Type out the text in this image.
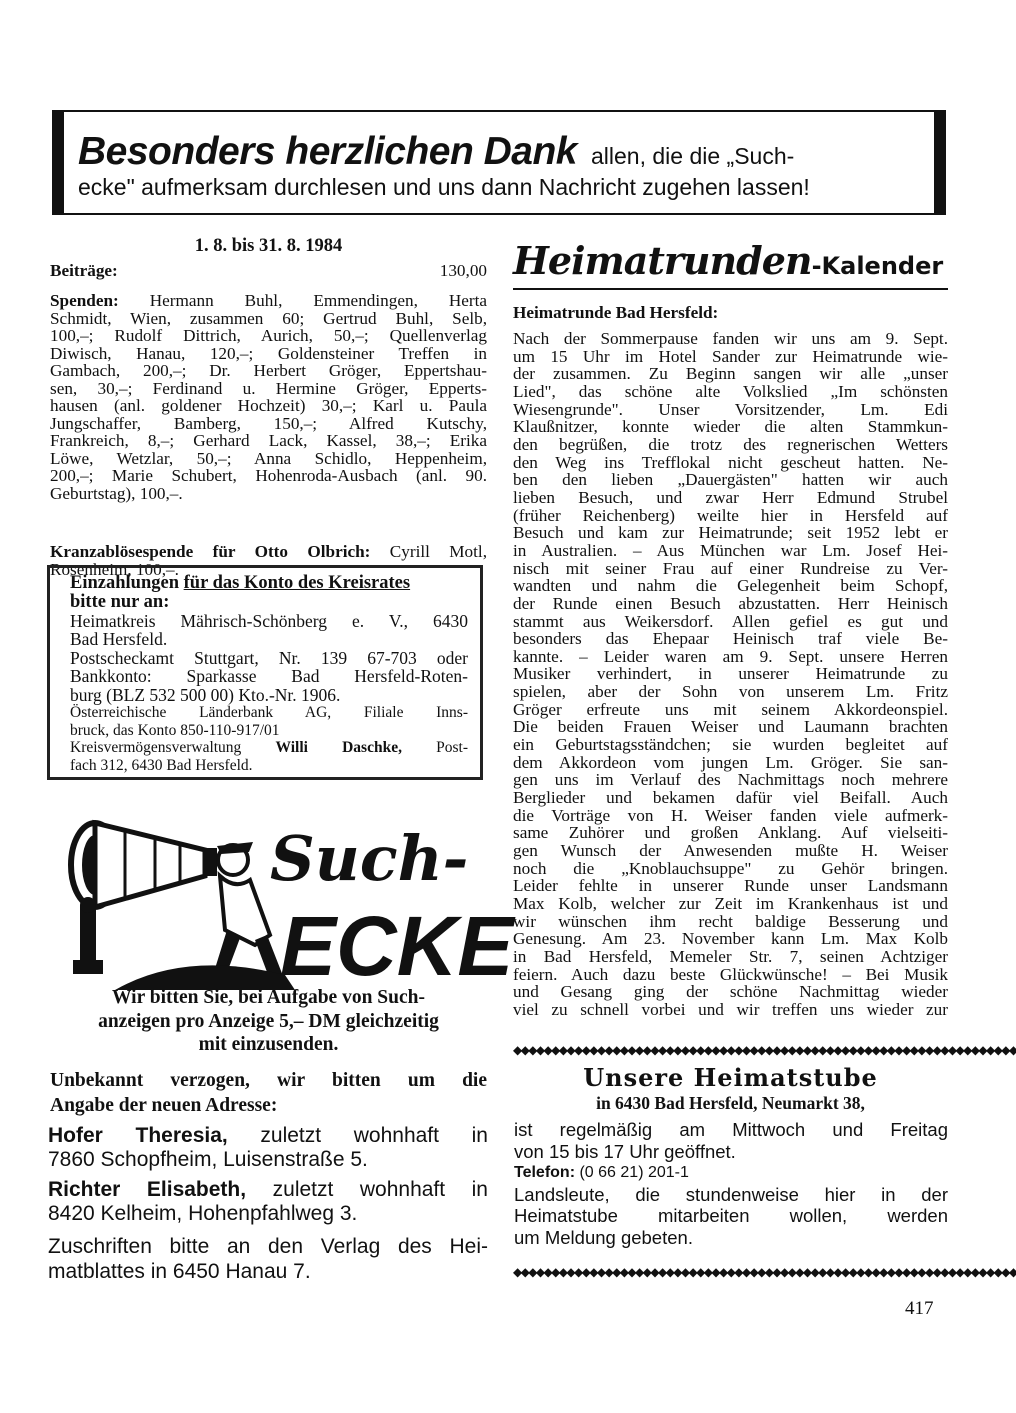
Besonders herzlichen Dank allen, die die „Such-
ecke" aufmerksam durchlesen und uns dann Nachricht zugehen lassen!
1. 8. bis 31. 8. 1984
Beiträge:	130,00
Spenden: Hermann Buhl, Emmendingen, Herta
Schmidt, Wien, zusammen 60; Gertrud Buhl, Selb,
100,–; Rudolf Dittrich, Aurich, 50,–; Quellenverlag
Diwisch, Hanau, 120,–; Goldensteiner Treffen in
Gambach, 200,–; Dr. Herbert Gröger, Eppertshau-
sen, 30,–; Ferdinand u. Hermine Gröger, Epperts-
hausen (anl. goldener Hochzeit) 30,–; Karl u. Paula
Jungschaffer, Bamberg, 150,–; Alfred Kutschy,
Frankreich, 8,–; Gerhard Lack, Kassel, 38,–; Erika
Löwe, Wetzlar, 50,–; Anna Schidlo, Heppenheim,
200,–; Marie Schubert, Hohenroda-Ausbach (anl. 90.
Geburtstag), 100,–.
Kranzablösespende für Otto Olbrich: Cyrill Motl,
Rosenheim, 100,–.
Einzahlungen für das Konto des Kreisrates
bitte nur an:
Heimatkreis Mährisch-Schönberg e. V., 6430
Bad Hersfeld.
Postscheckamt Stuttgart, Nr. 139 67-703 oder
Bankkonto: Sparkasse Bad Hersfeld-Roten-
burg (BLZ 532 500 00) Kto.-Nr. 1906.
Österreichische Länderbank AG, Filiale Inns-
bruck, das Konto 850-110-917/01
Kreisvermögensverwaltung Willi Daschke, Post-
fach 312, 6430 Bad Hersfeld.
Such-
ECKE
Wir bitten Sie, bei Aufgabe von Such-
anzeigen pro Anzeige 5,– DM gleichzeitig
mit einzusenden.
Unbekannt verzogen, wir bitten um die
Angabe der neuen Adresse:
Hofer Theresia, zuletzt wohnhaft in
7860 Schopfheim, Luisenstraße 5.
Richter Elisabeth, zuletzt wohnhaft in
8420 Kelheim, Hohenpfahlweg 3.
Zuschriften bitte an den Verlag des Hei-
matblattes in 6450 Hanau 7.
Heimatrunden-Kalender
Heimatrunde Bad Hersfeld:
Nach der Sommerpause fanden wir uns am 9. Sept.
um 15 Uhr im Hotel Sander zur Heimatrunde wie-
der zusammen. Zu Beginn sangen wir alle „unser
Lied", das schöne alte Volkslied „Im schönsten
Wiesengrunde". Unser Vorsitzender, Lm. Edi
Klaußnitzer, konnte wieder die alten Stammkun-
den begrüßen, die trotz des regnerischen Wetters
den Weg ins Trefflokal nicht gescheut hatten. Ne-
ben den lieben „Dauergästen" hatten wir auch
lieben Besuch, und zwar Herr Edmund Strubel
(früher Reichenberg) weilte hier in Hersfeld auf
Besuch und kam zur Heimatrunde; seit 1952 lebt er
in Australien. – Aus München war Lm. Josef Hei-
nisch mit seiner Frau auf einer Rundreise zu Ver-
wandten und nahm die Gelegenheit beim Schopf,
der Runde einen Besuch abzustatten. Herr Heinisch
stammt aus Weikersdorf. Allen gefiel es gut und
besonders das Ehepaar Heinisch traf viele Be-
kannte. – Leider waren am 9. Sept. unsere Herren
Musiker verhindert, in unserer Heimatrunde zu
spielen, aber der Sohn von unserem Lm. Fritz
Gröger erfreute uns mit seinem Akkordeonspiel.
Die beiden Frauen Weiser und Laumann brachten
ein Geburtstagsständchen; sie wurden begleitet auf
dem Akkordeon vom jungen Lm. Gröger. Sie san-
gen uns im Verlauf des Nachmittags noch mehrere
Berglieder und bekamen dafür viel Beifall. Auch
die Vorträge von H. Weiser fanden viele aufmerk-
same Zuhörer und großen Anklang. Auf vielseiti-
gen Wunsch der Anwesenden mußte H. Weiser
noch die „Knoblauchsuppe" zu Gehör bringen.
Leider fehlte in unserer Runde unser Landsmann
Max Kolb, welcher zur Zeit im Krankenhaus ist und
wir wünschen ihm recht baldige Besserung und
Genesung. Am 23. November kann Lm. Max Kolb
in Bad Hersfeld, Memeler Str. 7, seinen Achtziger
feiern. Auch dazu beste Glückwünsche! – Bei Musik
und Gesang ging der schöne Nachmittag wieder
viel zu schnell vorbei und wir treffen uns wieder zur
◆◆◆◆◆◆◆◆◆◆◆◆◆◆◆◆◆◆◆◆◆◆◆◆◆◆◆◆◆◆◆◆◆◆◆◆◆◆◆◆◆◆◆◆◆◆◆◆◆◆◆◆◆◆◆◆◆◆◆◆◆◆◆◆◆◆
Unsere Heimatstube
in 6430 Bad Hersfeld, Neumarkt 38,
ist regelmäßig am Mittwoch und Freitag
von 15 bis 17 Uhr geöffnet.
Telefon: (0 66 21) 201-1
Landsleute, die stundenweise hier in der
Heimatstube mitarbeiten wollen, werden
um Meldung gebeten.
◆◆◆◆◆◆◆◆◆◆◆◆◆◆◆◆◆◆◆◆◆◆◆◆◆◆◆◆◆◆◆◆◆◆◆◆◆◆◆◆◆◆◆◆◆◆◆◆◆◆◆◆◆◆◆◆◆◆◆◆◆◆◆◆◆◆
417
